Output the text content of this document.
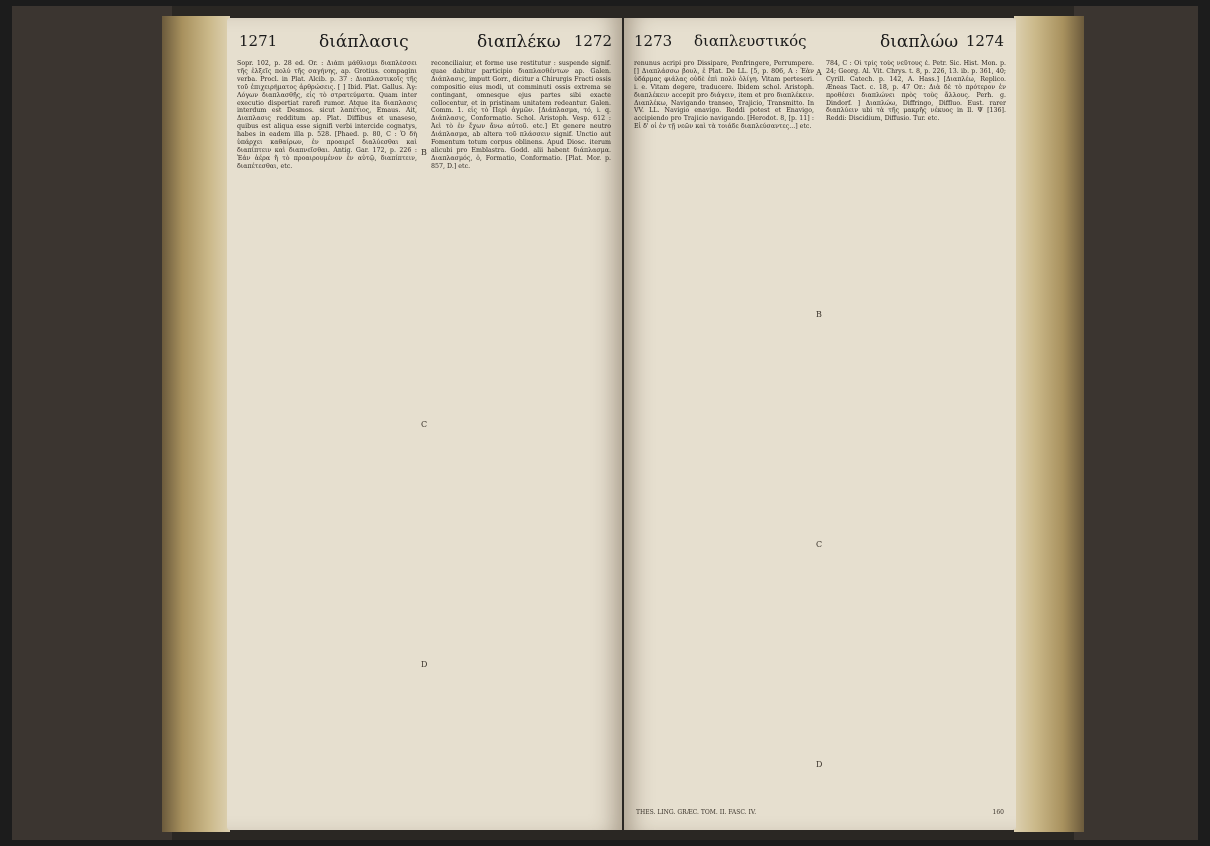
1271 διάπλασις	διαπλέκω 1272

Sopr. 102, p. 28 ed. Or. : Διάπι μάθλισμι διαπλέσσει τῆς ἐλξεῖς πολύ τῆς σαγήνης, ap. Grotius. compaginι verba. Procl. in Plat. Alcib. p. 37 : Διαπλαστικοῖς τῆς τοῦ ἐπιχειρήματος ἀρθρώσεις. [ ] Ibid. Plat. Gallus. Ἀγ: Λόγων διαπλασθῆς, εἰς τὸ στρατεύματα. Quam inter executio dispertiat rarefi rumor. Atque ita διαπλασις interdum est Desmos. sicut λαπέτιος, Emaus. Ait, Διαπλασις redditum ap. Plat. Diffibus et unaseso, quibus est aliqua esse signifi verbi intercide cognatys, habes in eadem illa p. 528. [Phaed. p. 80, C : Ὁ δὴ ὑπάρχει καθαίρων, ἐν προαιρεῖ διαλύεσθαι καὶ διαπίπτειν καὶ διαπνεῖσθαι. Antig. Gar. 172, p. 226 : Ἐάν ἀέρα ἢ τὸ προαιρουμένον ἐν αὐτῷ, διαπίπτειν, διαπέτεσθαι, etc.

reconciliaiur, et forme use restitutur : suspende signif. quae dabitur participio διαπλασθέντων ap. Galen. Διάπλασις, imputt Gorr., dicitur a Chirurgis Fracti ossis compositio eius modi, ut comminuti ossis extrema se contingant, omnesque ejus partes sibi exacte collocentur, et in pristinam unitatem redeantur. Galen. Comm. 1. εἰς τὸ Περὶ ἀγμῶν. [Διάπλασμα, τό, i. q. Διάπλασις, Conformatio. Schol. Aristoph. Vesp. 612 : Ἀεὶ τὸ ἐν ἔχων ἄνω αὐτοῦ. etc.] Et genere neutro Διάπλασμα, ab altera τοῦ πλάσσειν signif. Unctio aut Fomentum totum corpus oblinens. Apud Diosc. iterum alicubi pro Emblastra. Godd. alii habent διάπλασμα. Διαπλασμός, ὁ, Formatio, Conformatio. [Plat. Mor. p. 857, D.] etc.

B
C
D
1273 διαπλευστικός	διαπλώω 1274

renunus acripi pro Dissipare, Penfringere, Perrumpere. [] Διαπλάσσω βουλ, ἐ Plat. De LL. [5, p. 806, A : Ἐὰν ὑδάρμας φιάλας οὐδὲ ἐπὶ πολὺ ὀλίγη. Vitam perteseri. i. e. Vitam degere, traducere. Ibidem schol. Aristoph. διαπλέκειν accepit pro διάγειν, item et pro διαπλέκειν. Διαπλέκω, Navigando transeo, Trajicio, Transmitto. In VV. LL. Navigio enavigo. Reddi potest et Enavigo, accipiendo pro Trajicio navigando. [Herodot. 8, [p. 11] : Εἰ δ' οἱ ἐν τῇ νεῶν καὶ τὰ τοιάδε διαπλεύσαντες...] etc.

784, C : Οἱ τρίς τοὺς νεῦτους ἐ. Petr. Sic. Hist. Mon. p. 24; Georg. Al. Vit. Chrys. t. 8, p. 226, 13. ib. p. 361, 40; Cyrill. Catech. p. 142, A. Hass.] [Διαπλέω, Replico. Æneas Tact. c. 18, p. 47 Or.: Διὰ δὲ τὸ πρότερον ἐν προθέσει διαπλώνει πρὸς τοὺς ἄλλους. Perh. g. Dindorf. ] Διαπλώω, Diffringo, Diffluo. Eust. rarer διαπλύειν ubi τὰ τῆς μακρῆς νέκυος in ll. Ψ [136]. Reddi: Discidium, Diffusio. Tur. etc.

A
B
C
D
THES. LING. GRÆC. TOM. II. FASC. IV.	160
